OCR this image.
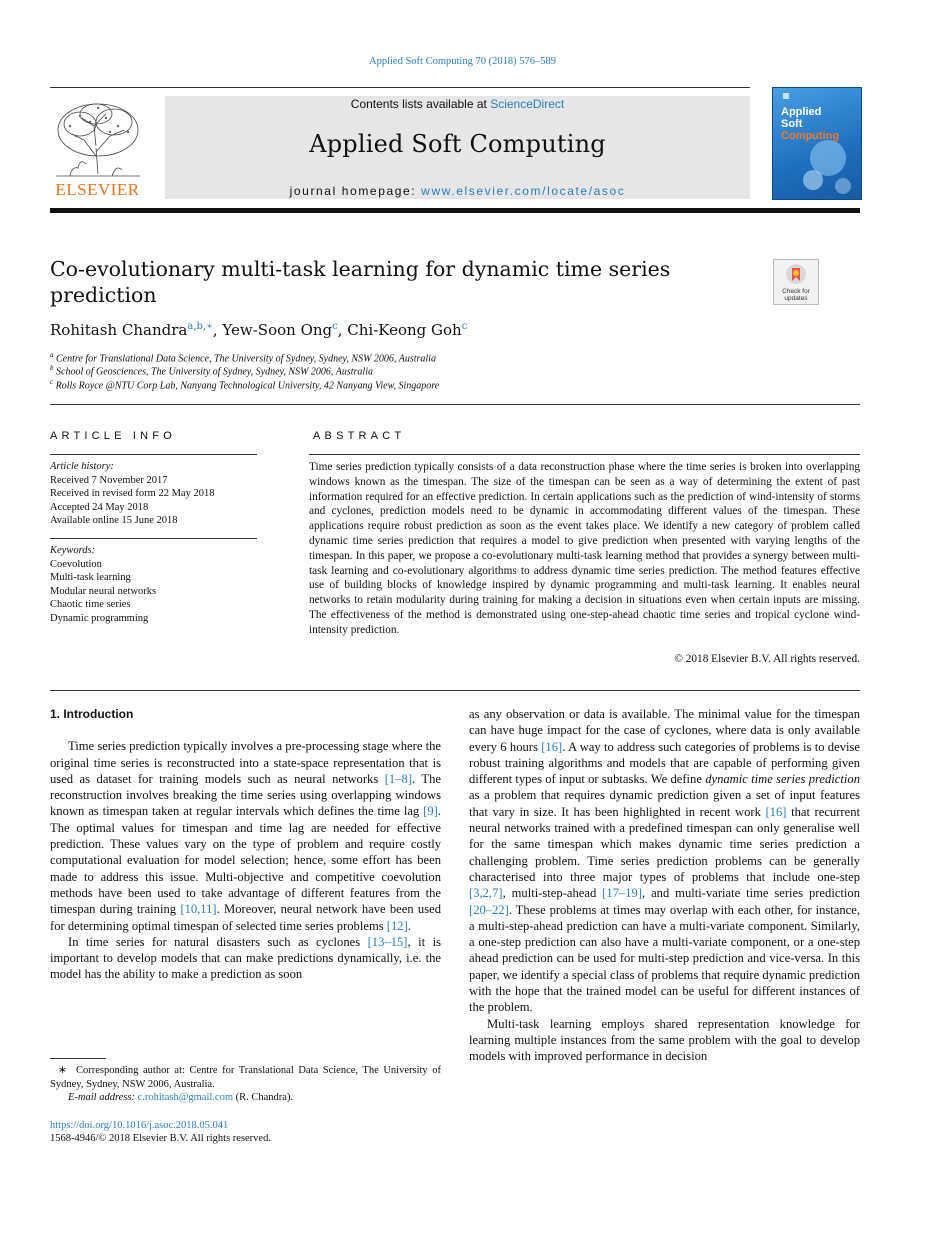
Applied Soft Computing 70 (2018) 576–589
ELSEVIER
Contents lists available at ScienceDirect
Applied Soft Computing
journal homepage: www.elsevier.com/locate/asoc
Applied
Soft
Computing
Co-evolutionary multi-task learning for dynamic time series
prediction	Check for
updates
Rohitash Chandra$^{a,b,∗}$, Yew-Soon Ong$^c$, Chi-Keong Goh$^c$
$^a$ Centre for Translational Data Science, The University of Sydney, Sydney, NSW 2006, Australia
$^b$ School of Geosciences, The University of Sydney, Sydney, NSW 2006, Australia
$^c$ Rolls Royce @NTU Corp Lab, Nanyang Technological University, 42 Nanyang View, Singapore
ARTICLE INFO
Article history:
Received 7 November 2017
Received in revised form 22 May 2018
Accepted 24 May 2018
Available online 15 June 2018
Keywords:
Coevolution
Multi-task learning
Modular neural networks
Chaotic time series
Dynamic programming
ABSTRACT
Time series prediction typically consists of a data reconstruction phase where the time series is broken into overlapping windows known as the timespan. The size of the timespan can be seen as a way of determining the extent of past information required for an effective prediction. In certain applications such as the prediction of wind-intensity of storms and cyclones, prediction models need to be dynamic in accommodating different values of the timespan. These applications require robust prediction as soon as the event takes place. We identify a new category of problem called dynamic time series prediction that requires a model to give prediction when presented with varying lengths of the timespan. In this paper, we propose a co-evolutionary multi-task learning method that provides a synergy between multi-task learning and co-evolutionary algorithms to address dynamic time series prediction. The method features effective use of building blocks of knowledge inspired by dynamic programming and multi-task learning. It enables neural networks to retain modularity during training for making a decision in situations even when certain inputs are missing. The effectiveness of the method is demonstrated using one-step-ahead chaotic time series and tropical cyclone wind-intensity prediction.
© 2018 Elsevier B.V. All rights reserved.

1. Introduction

Time series prediction typically involves a pre-processing stage where the original time series is reconstructed into a state-space representation that is used as dataset for training models such as neural networks [1–8]. The reconstruction involves breaking the time series using overlapping windows known as timespan taken at regular intervals which defines the time lag [9]. The optimal values for timespan and time lag are needed for effective prediction. These values vary on the type of problem and require costly computational evaluation for model selection; hence, some effort has been made to address this issue. Multi-objective and competitive coevolution methods have been used to take advantage of different features from the timespan during training [10,11]. Moreover, neural network have been used for determining optimal timespan of selected time series problems [12].

In time series for natural disasters such as cyclones [13–15], it is important to develop models that can make predictions dynamically, i.e. the model has the ability to make a prediction as soon

as any observation or data is available. The minimal value for the timespan can have huge impact for the case of cyclones, where data is only available every 6 hours [16]. A way to address such categories of problems is to devise robust training algorithms and models that are capable of performing given different types of input or subtasks. We define dynamic time series prediction as a problem that requires dynamic prediction given a set of input features that vary in size. It has been highlighted in recent work [16] that recurrent neural networks trained with a predefined timespan can only generalise well for the same timespan which makes dynamic time series prediction a challenging problem. Time series prediction problems can be generally characterised into three major types of problems that include one-step [3,2,7], multi-step-ahead [17–19], and multi-variate time series prediction [20–22]. These problems at times may overlap with each other, for instance, a multi-step-ahead prediction can have a multi-variate component. Similarly, a one-step prediction can also have a multi-variate component, or a one-step ahead prediction can be used for multi-step prediction and vice-versa. In this paper, we identify a special class of problems that require dynamic prediction with the hope that the trained model can be useful for different instances of the problem.

Multi-task learning employs shared representation knowledge for learning multiple instances from the same problem with the goal to develop models with improved performance in decision

∗ Corresponding author at: Centre for Translational Data Science, The University of Sydney, Sydney, NSW 2006, Australia.
E-mail address: c.rohitash@gmail.com (R. Chandra).
https://doi.org/10.1016/j.asoc.2018.05.041
1568-4946/© 2018 Elsevier B.V. All rights reserved.
